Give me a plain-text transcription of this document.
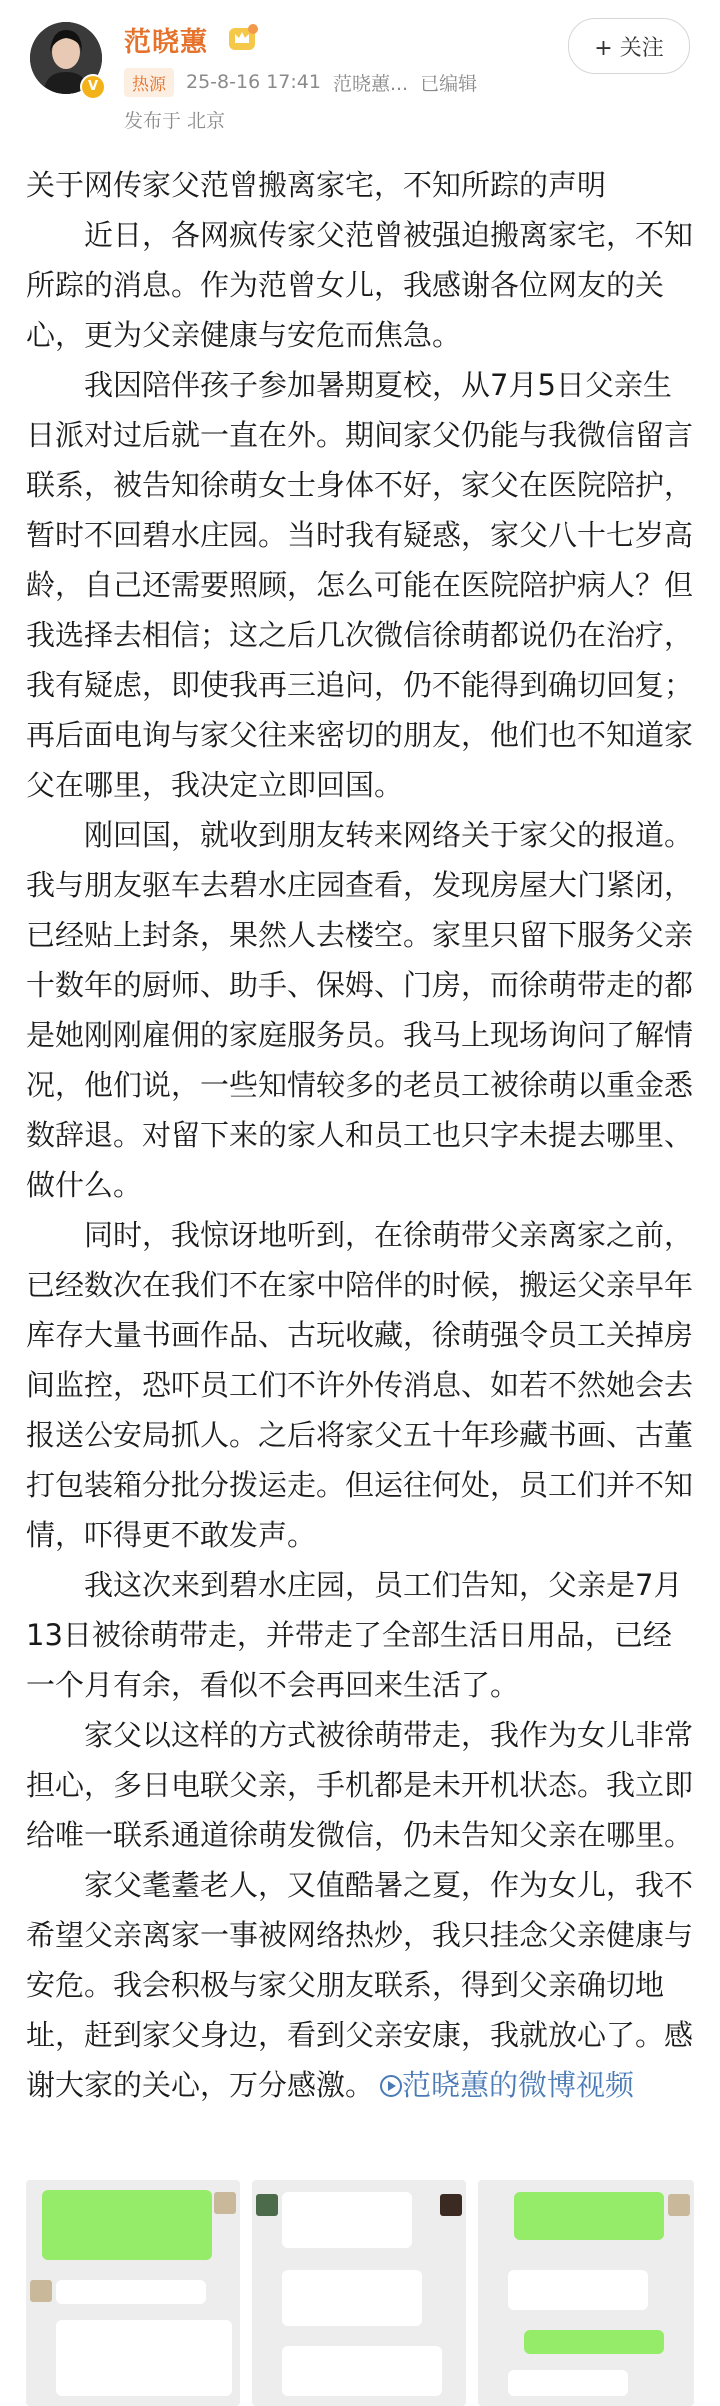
V
范晓蕙
热源	25-8-16 17:41 范晓蕙... 已编辑
发布于 北京
+ 关注

关于网传家父范曾搬离家宅，不知所踪的声明

近日，各网疯传家父范曾被强迫搬离家宅，不知所踪的消息。作为范曾女儿，我感谢各位网友的关心，更为父亲健康与安危而焦急。

我因陪伴孩子参加暑期夏校，从7月5日父亲生日派对过后就一直在外。期间家父仍能与我微信留言联系，被告知徐萌女士身体不好，家父在医院陪护，暂时不回碧水庄园。当时我有疑惑，家父八十七岁高龄，自己还需要照顾，怎么可能在医院陪护病人？但我选择去相信；这之后几次微信徐萌都说仍在治疗，我有疑虑，即使我再三追问，仍不能得到确切回复；再后面电询与家父往来密切的朋友，他们也不知道家父在哪里，我决定立即回国。

刚回国，就收到朋友转来网络关于家父的报道。我与朋友驱车去碧水庄园查看，发现房屋大门紧闭，已经贴上封条，果然人去楼空。家里只留下服务父亲十数年的厨师、助手、保姆、门房，而徐萌带走的都是她刚刚雇佣的家庭服务员。我马上现场询问了解情况，他们说，一些知情较多的老员工被徐萌以重金悉数辞退。对留下来的家人和员工也只字未提去哪里、做什么。

同时，我惊讶地听到，在徐萌带父亲离家之前，已经数次在我们不在家中陪伴的时候，搬运父亲早年库存大量书画作品、古玩收藏，徐萌强令员工关掉房间监控，恐吓员工们不许外传消息、如若不然她会去报送公安局抓人。之后将家父五十年珍藏书画、古董打包装箱分批分拨运走。但运往何处，员工们并不知情，吓得更不敢发声。

我这次来到碧水庄园，员工们告知，父亲是7月13日被徐萌带走，并带走了全部生活日用品，已经一个月有余，看似不会再回来生活了。

家父以这样的方式被徐萌带走，我作为女儿非常担心，多日电联父亲，手机都是未开机状态。我立即给唯一联系通道徐萌发微信，仍未告知父亲在哪里。

家父耄耋老人，又值酷暑之夏，作为女儿，我不希望父亲离家一事被网络热炒，我只挂念父亲健康与安危。我会积极与家父朋友联系，得到父亲确切地址，赶到家父身边，看到父亲安康，我就放心了。感谢大家的关心，万分感激。 范晓蕙的微博视频
